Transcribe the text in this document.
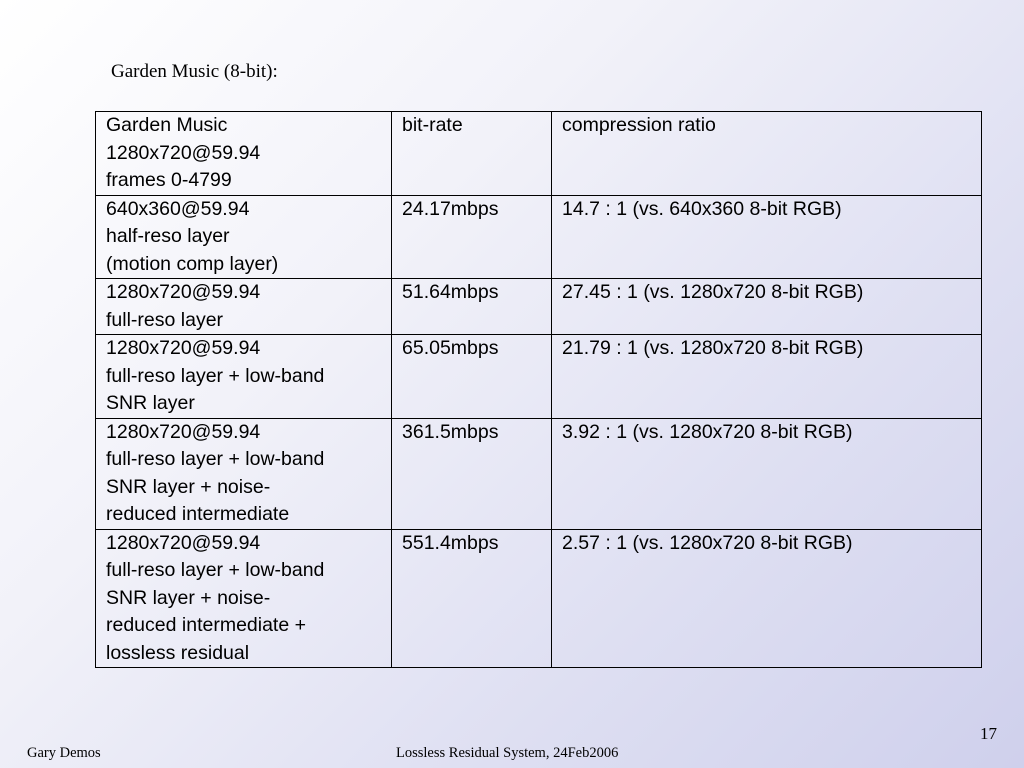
Garden Music (8-bit):
Garden Music
1280x720@59.94
frames 0-4799	bit-rate	compression ratio

640x360@59.94
half-reso layer
(motion comp layer)	24.17mbps	14.7 : 1 (vs. 640x360 8-bit RGB)

1280x720@59.94
full-reso layer	51.64mbps	27.45 : 1 (vs. 1280x720 8-bit RGB)

1280x720@59.94
full-reso layer + low-band
SNR layer	65.05mbps	21.79 : 1 (vs. 1280x720 8-bit RGB)

1280x720@59.94
full-reso layer + low-band
SNR layer + noise-
reduced intermediate	361.5mbps	3.92 : 1 (vs. 1280x720 8-bit RGB)

1280x720@59.94
full-reso layer + low-band
SNR layer + noise-
reduced intermediate +
lossless residual	551.4mbps	2.57 : 1 (vs. 1280x720 8-bit RGB)
17
Gary Demos	Lossless Residual System, 24Feb2006
